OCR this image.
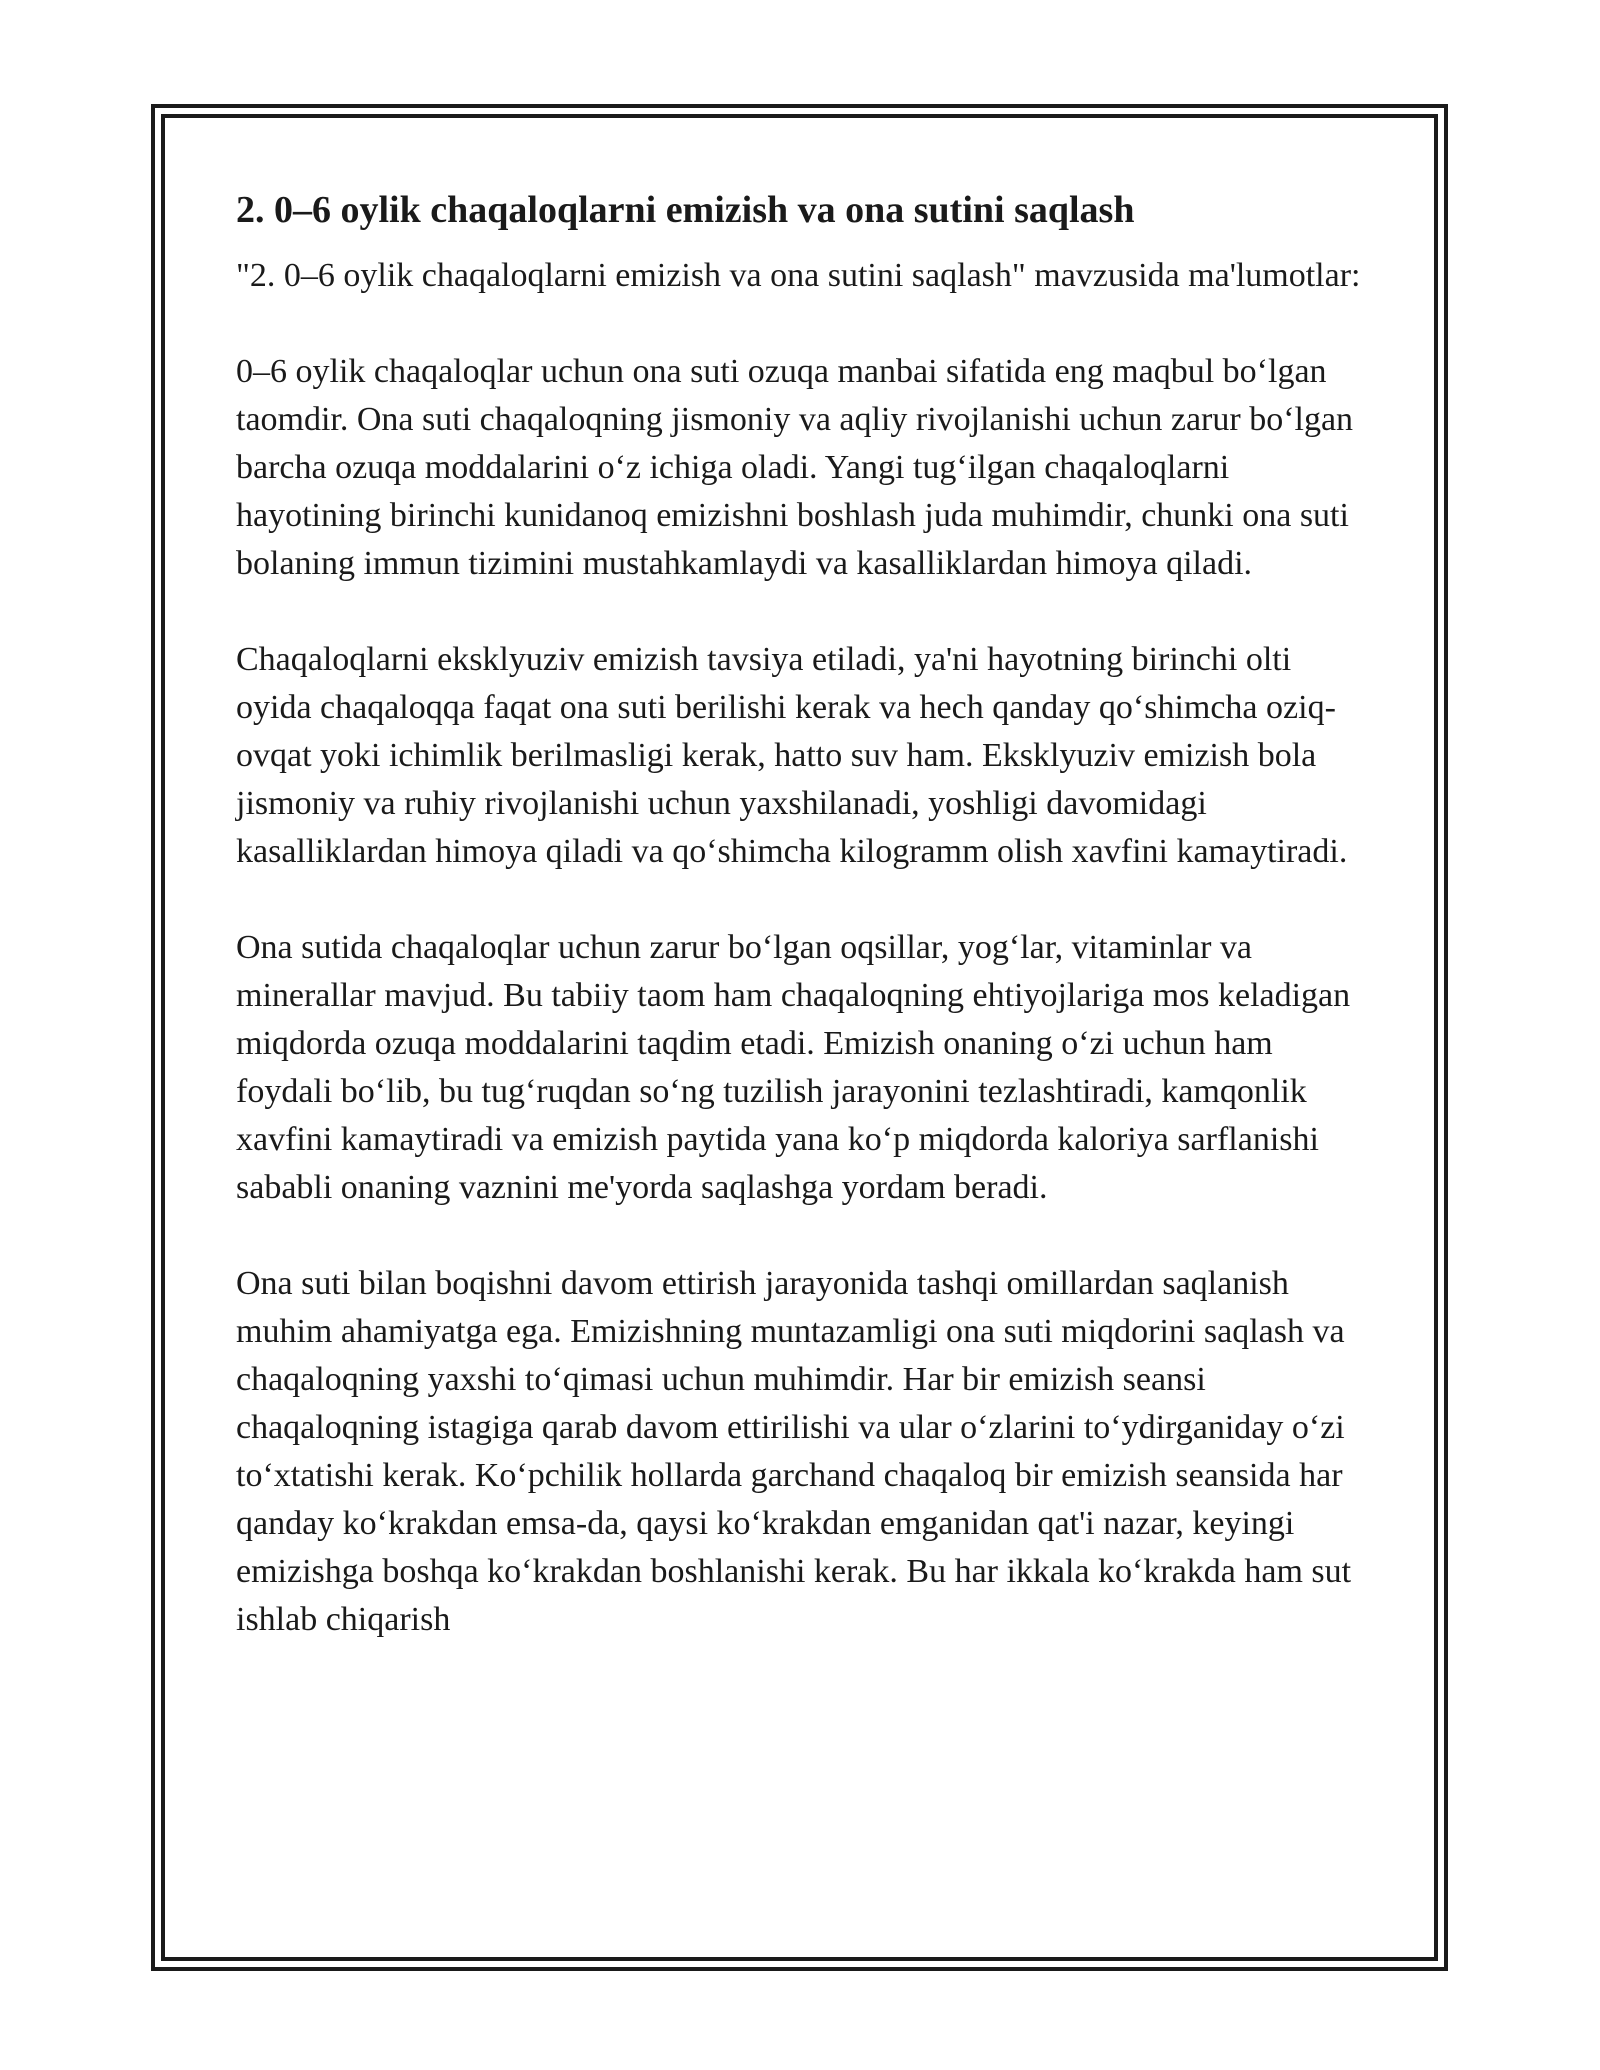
2. 0–6 oylik chaqaloqlarni emizish va ona sutini saqlash

"2. 0–6 oylik chaqaloqlarni emizish va ona sutini saqlash" mavzusida ma'lumotlar:

0–6 oylik chaqaloqlar uchun ona suti ozuqa manbai sifatida eng maqbul bo‘lgan taomdir. Ona suti chaqaloqning jismoniy va aqliy rivojlanishi uchun zarur bo‘lgan barcha ozuqa moddalarini o‘z ichiga oladi. Yangi tug‘ilgan chaqaloqlarni hayotining birinchi kunidanoq emizishni boshlash juda muhimdir, chunki ona suti bolaning immun tizimini mustahkamlaydi va kasalliklardan himoya qiladi.

Chaqaloqlarni eksklyuziv emizish tavsiya etiladi, ya'ni hayotning birinchi olti oyida chaqaloqqa faqat ona suti berilishi kerak va hech qanday qo‘shimcha oziq-ovqat yoki ichimlik berilmasligi kerak, hatto suv ham. Eksklyuziv emizish bola jismoniy va ruhiy rivojlanishi uchun yaxshilanadi, yoshligi davomidagi kasalliklardan himoya qiladi va qo‘shimcha kilogramm olish xavfini kamaytiradi.

Ona sutida chaqaloqlar uchun zarur bo‘lgan oqsillar, yog‘lar, vitaminlar va minerallar mavjud. Bu tabiiy taom ham chaqaloqning ehtiyojlariga mos keladigan miqdorda ozuqa moddalarini taqdim etadi. Emizish onaning o‘zi uchun ham foydali bo‘lib, bu tug‘ruqdan so‘ng tuzilish jarayonini tezlashtiradi, kamqonlik xavfini kamaytiradi va emizish paytida yana ko‘p miqdorda kaloriya sarflanishi sababli onaning vaznini me'yorda saqlashga yordam beradi.

Ona suti bilan boqishni davom ettirish jarayonida tashqi omillardan saqlanish muhim ahamiyatga ega. Emizishning muntazamligi ona suti miqdorini saqlash va chaqaloqning yaxshi to‘qimasi uchun muhimdir. Har bir emizish seansi chaqaloqning istagiga qarab davom ettirilishi va ular o‘zlarini to‘ydirganiday o‘zi to‘xtatishi kerak. Ko‘pchilik hollarda garchand chaqaloq bir emizish seansida har qanday ko‘krakdan emsa-da, qaysi ko‘krakdan emganidan qat'i nazar, keyingi emizishga boshqa ko‘krakdan boshlanishi kerak. Bu har ikkala ko‘krakda ham sut ishlab chiqarish
